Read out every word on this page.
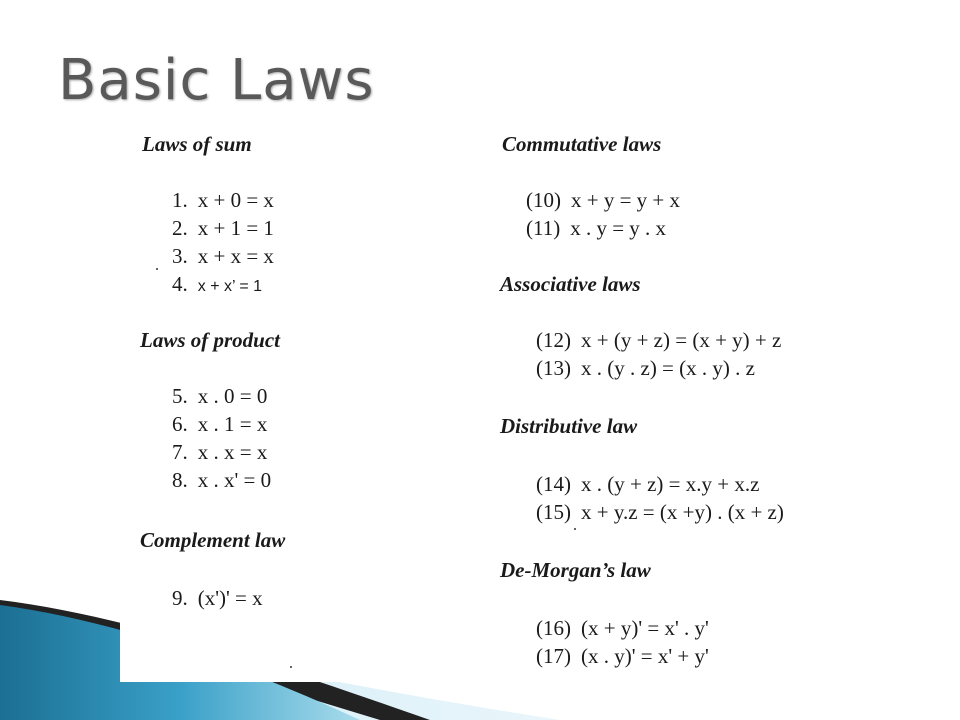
Basic Laws
Laws of sum
1. x + 0 = x
2. x + 1 = 1
3. x + x = x
4. x + x’ = 1
Laws of product
5. x . 0 = 0
6. x . 1 = x
7. x . x = x
8. x . x' = 0
Complement law
9. (x')' = x
Commutative laws
(10) x + y = y + x
(11) x . y = y . x
Associative laws
(12) x + (y + z) = (x + y) + z
(13) x . (y . z) = (x . y) . z
Distributive law
(14) x . (y + z) = x.y + x.z
(15) x + y.z = (x +y) . (x + z)
De-Morgan’s law
(16) (x + y)' = x' . y'
(17) (x . y)' = x' + y'
